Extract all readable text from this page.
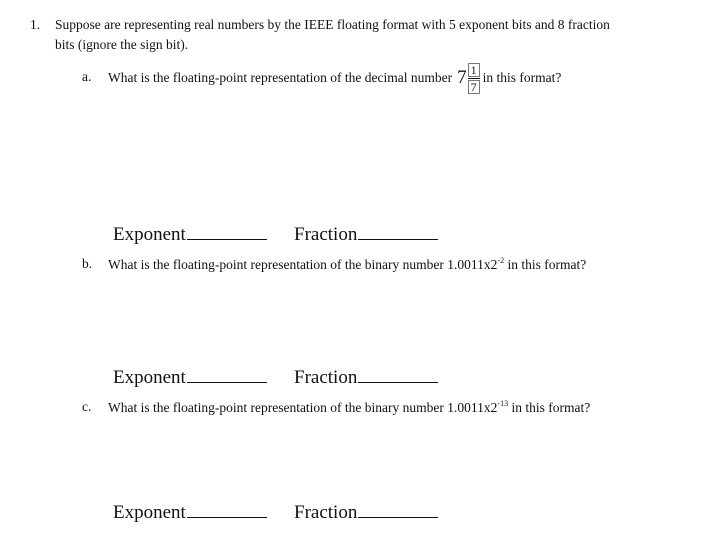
1. Suppose are representing real numbers by the IEEE floating format with 5 exponent bits and 8 fraction
bits (ignore the sign bit).
a. What is the floating-point representation of the decimal number $7 \frac{1}{7}$ in this format?
Exponent	Fraction
b. What is the floating-point representation of the binary number $1.0011x2^{-2}$ in this format?
Exponent	Fraction
c. What is the floating-point representation of the binary number $1.0011x2^{-13}$ in this format?
Exponent	Fraction
